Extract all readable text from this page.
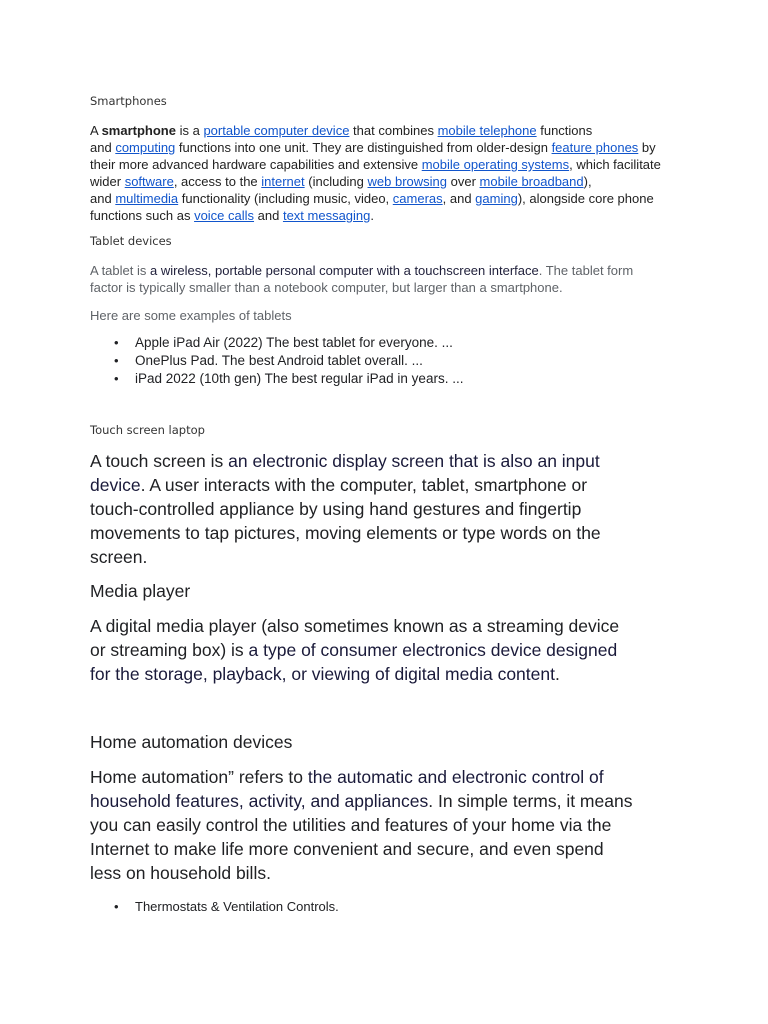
Smartphones
A smartphone is a portable computer device that combines mobile telephone functions
and computing functions into one unit. They are distinguished from older-design feature phones by
their more advanced hardware capabilities and extensive mobile operating systems, which facilitate
wider software, access to the internet (including web browsing over mobile broadband),
and multimedia functionality (including music, video, cameras, and gaming), alongside core phone
functions such as voice calls and text messaging.
Tablet devices
A tablet is a wireless, portable personal computer with a touchscreen interface. The tablet form
factor is typically smaller than a notebook computer, but larger than a smartphone.
Here are some examples of tablets
• Apple iPad Air (2022) The best tablet for everyone. ...
• OnePlus Pad. The best Android tablet overall. ...
• iPad 2022 (10th gen) The best regular iPad in years. ...
Touch screen laptop
A touch screen is an electronic display screen that is also an input
device. A user interacts with the computer, tablet, smartphone or
touch-controlled appliance by using hand gestures and fingertip
movements to tap pictures, moving elements or type words on the
screen.
Media player
A digital media player (also sometimes known as a streaming device
or streaming box) is a type of consumer electronics device designed
for the storage, playback, or viewing of digital media content.
Home automation devices
Home automation” refers to the automatic and electronic control of
household features, activity, and appliances. In simple terms, it means
you can easily control the utilities and features of your home via the
Internet to make life more convenient and secure, and even spend
less on household bills.
• Thermostats & Ventilation Controls.
